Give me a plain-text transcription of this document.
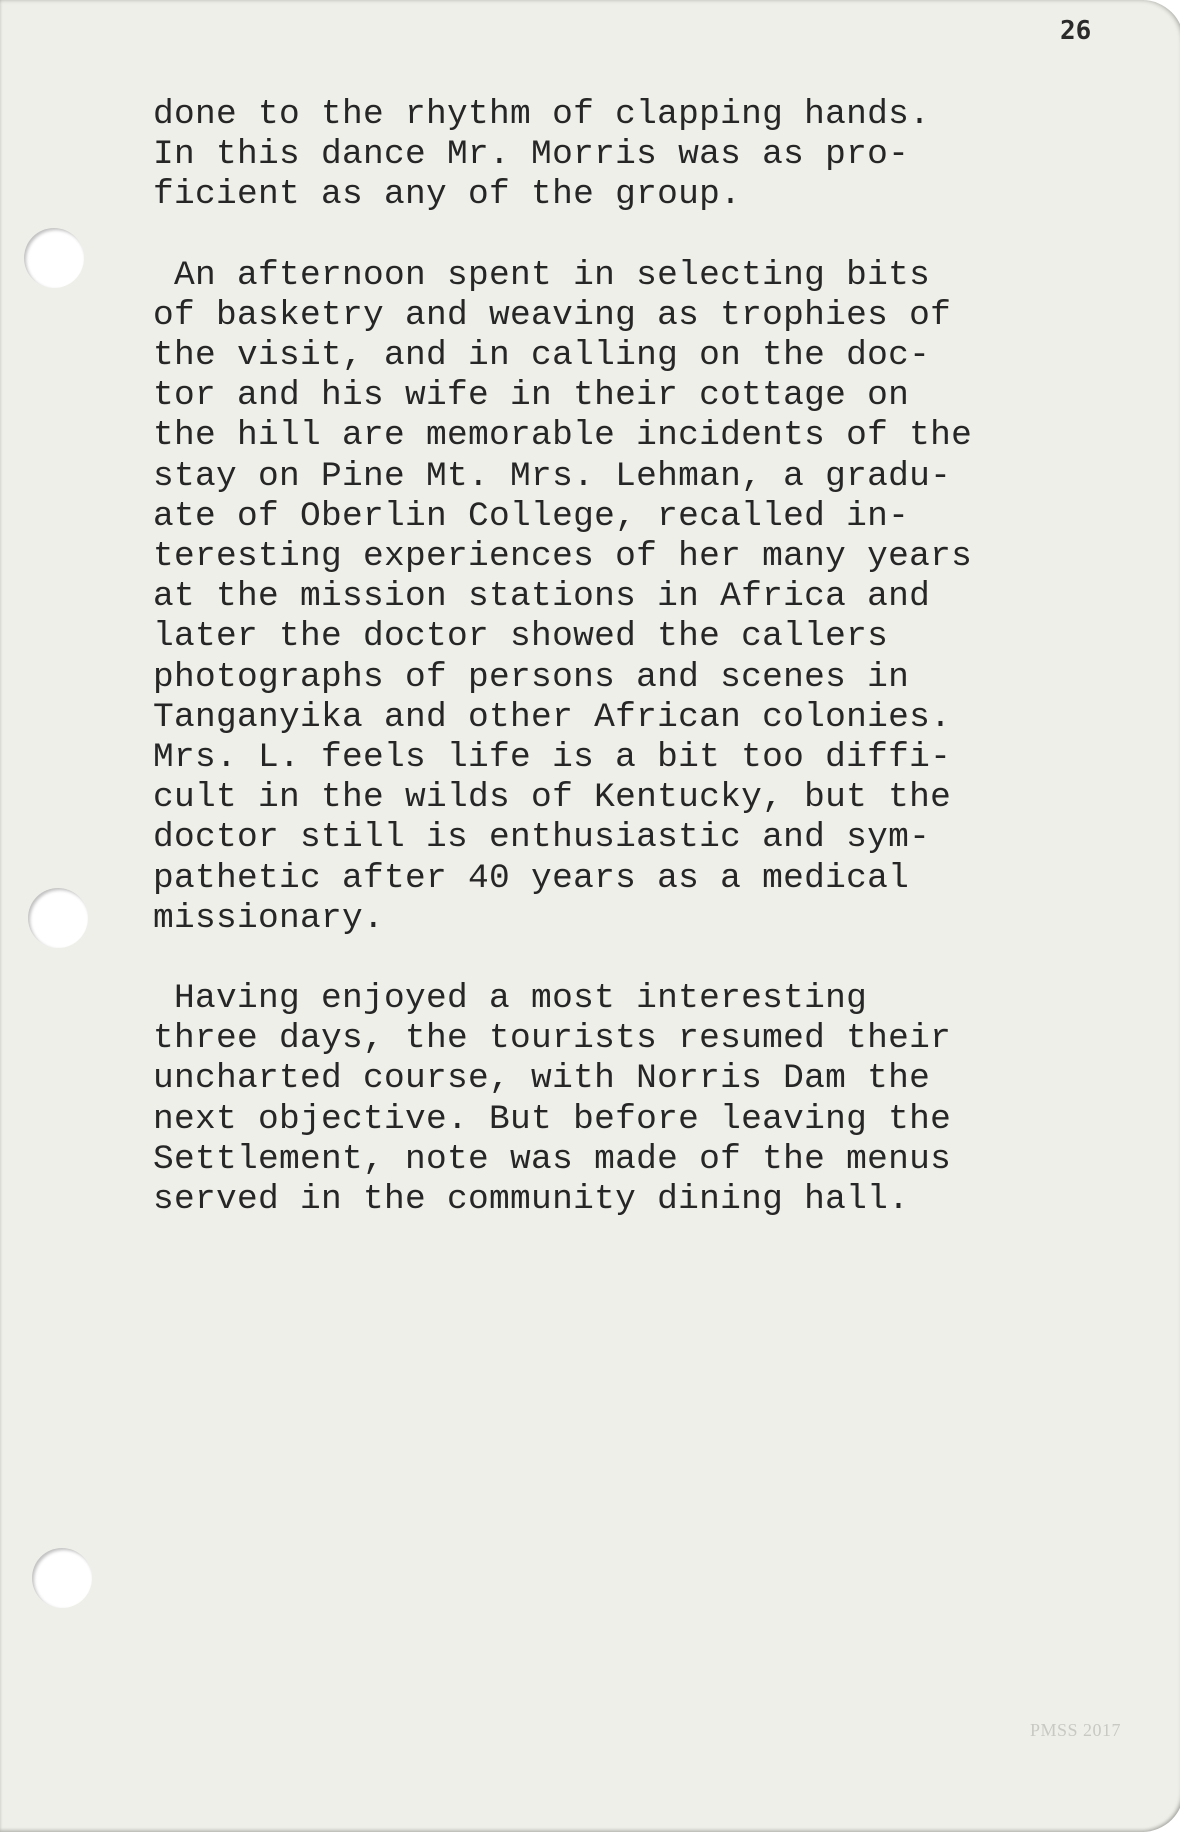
26
done to the rhythm of clapping hands.
In this dance Mr. Morris was as pro-
ficient as any of the group.
An afternoon spent in selecting bits
of basketry and weaving as trophies of
the visit, and in calling on the doc-
tor and his wife in their cottage on
the hill are memorable incidents of the
stay on Pine Mt. Mrs. Lehman, a gradu-
ate of Oberlin College, recalled in-
teresting experiences of her many years
at the mission stations in Africa and
later the doctor showed the callers
photographs of persons and scenes in
Tanganyika and other African colonies.
Mrs. L. feels life is a bit too diffi-
cult in the wilds of Kentucky, but the
doctor still is enthusiastic and sym-
pathetic after 40 years as a medical
missionary.
Having enjoyed a most interesting
three days, the tourists resumed their
uncharted course, with Norris Dam the
next objective. But before leaving the
Settlement, note was made of the menus
served in the community dining hall.
PMSS 2017
